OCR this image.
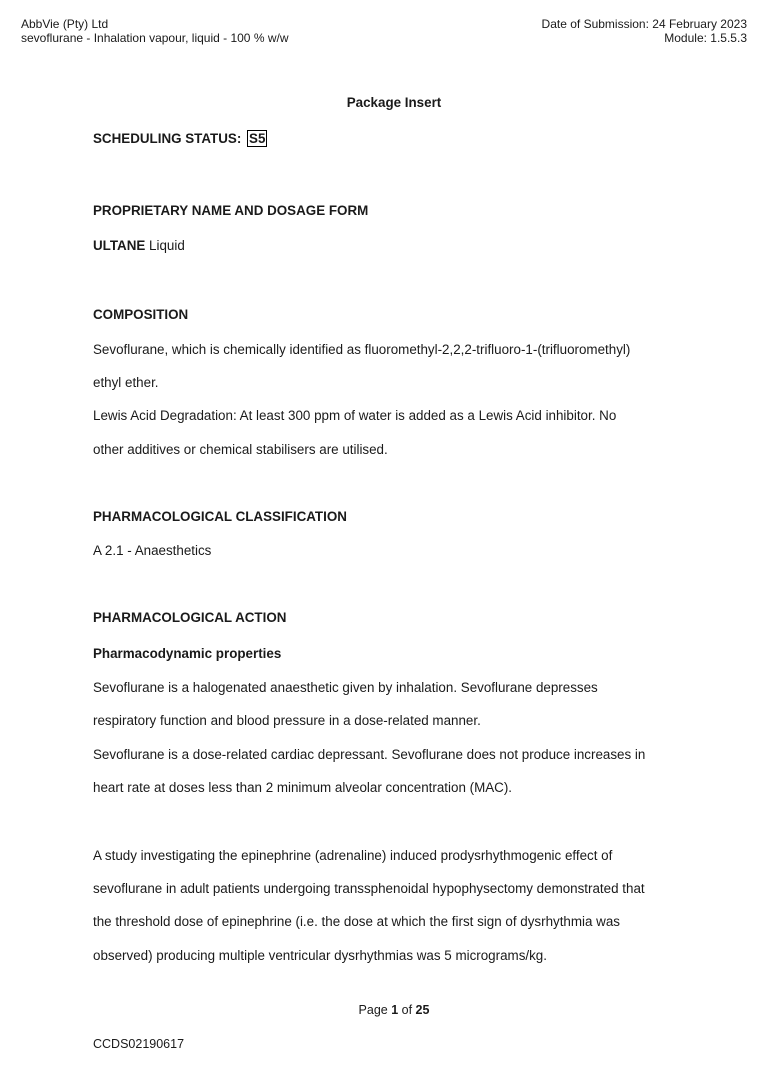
AbbVie (Pty) Ltd
sevoflurane - Inhalation vapour, liquid - 100 % w/w
Date of Submission: 24 February 2023
Module: 1.5.5.3
Package Insert
SCHEDULING STATUS: S5
PROPRIETARY NAME AND DOSAGE FORM
ULTANE Liquid
COMPOSITION
Sevoflurane, which is chemically identified as fluoromethyl-2,2,2-trifluoro-1-(trifluoromethyl)
ethyl ether.
Lewis Acid Degradation: At least 300 ppm of water is added as a Lewis Acid inhibitor. No
other additives or chemical stabilisers are utilised.
PHARMACOLOGICAL CLASSIFICATION
A 2.1 - Anaesthetics
PHARMACOLOGICAL ACTION
Pharmacodynamic properties
Sevoflurane is a halogenated anaesthetic given by inhalation. Sevoflurane depresses
respiratory function and blood pressure in a dose-related manner.
Sevoflurane is a dose-related cardiac depressant. Sevoflurane does not produce increases in
heart rate at doses less than 2 minimum alveolar concentration (MAC).
A study investigating the epinephrine (adrenaline) induced prodysrhythmogenic effect of
sevoflurane in adult patients undergoing transsphenoidal hypophysectomy demonstrated that
the threshold dose of epinephrine (i.e. the dose at which the first sign of dysrhythmia was
observed) producing multiple ventricular dysrhythmias was 5 micrograms/kg.
Page 1 of 25
CCDS02190617
